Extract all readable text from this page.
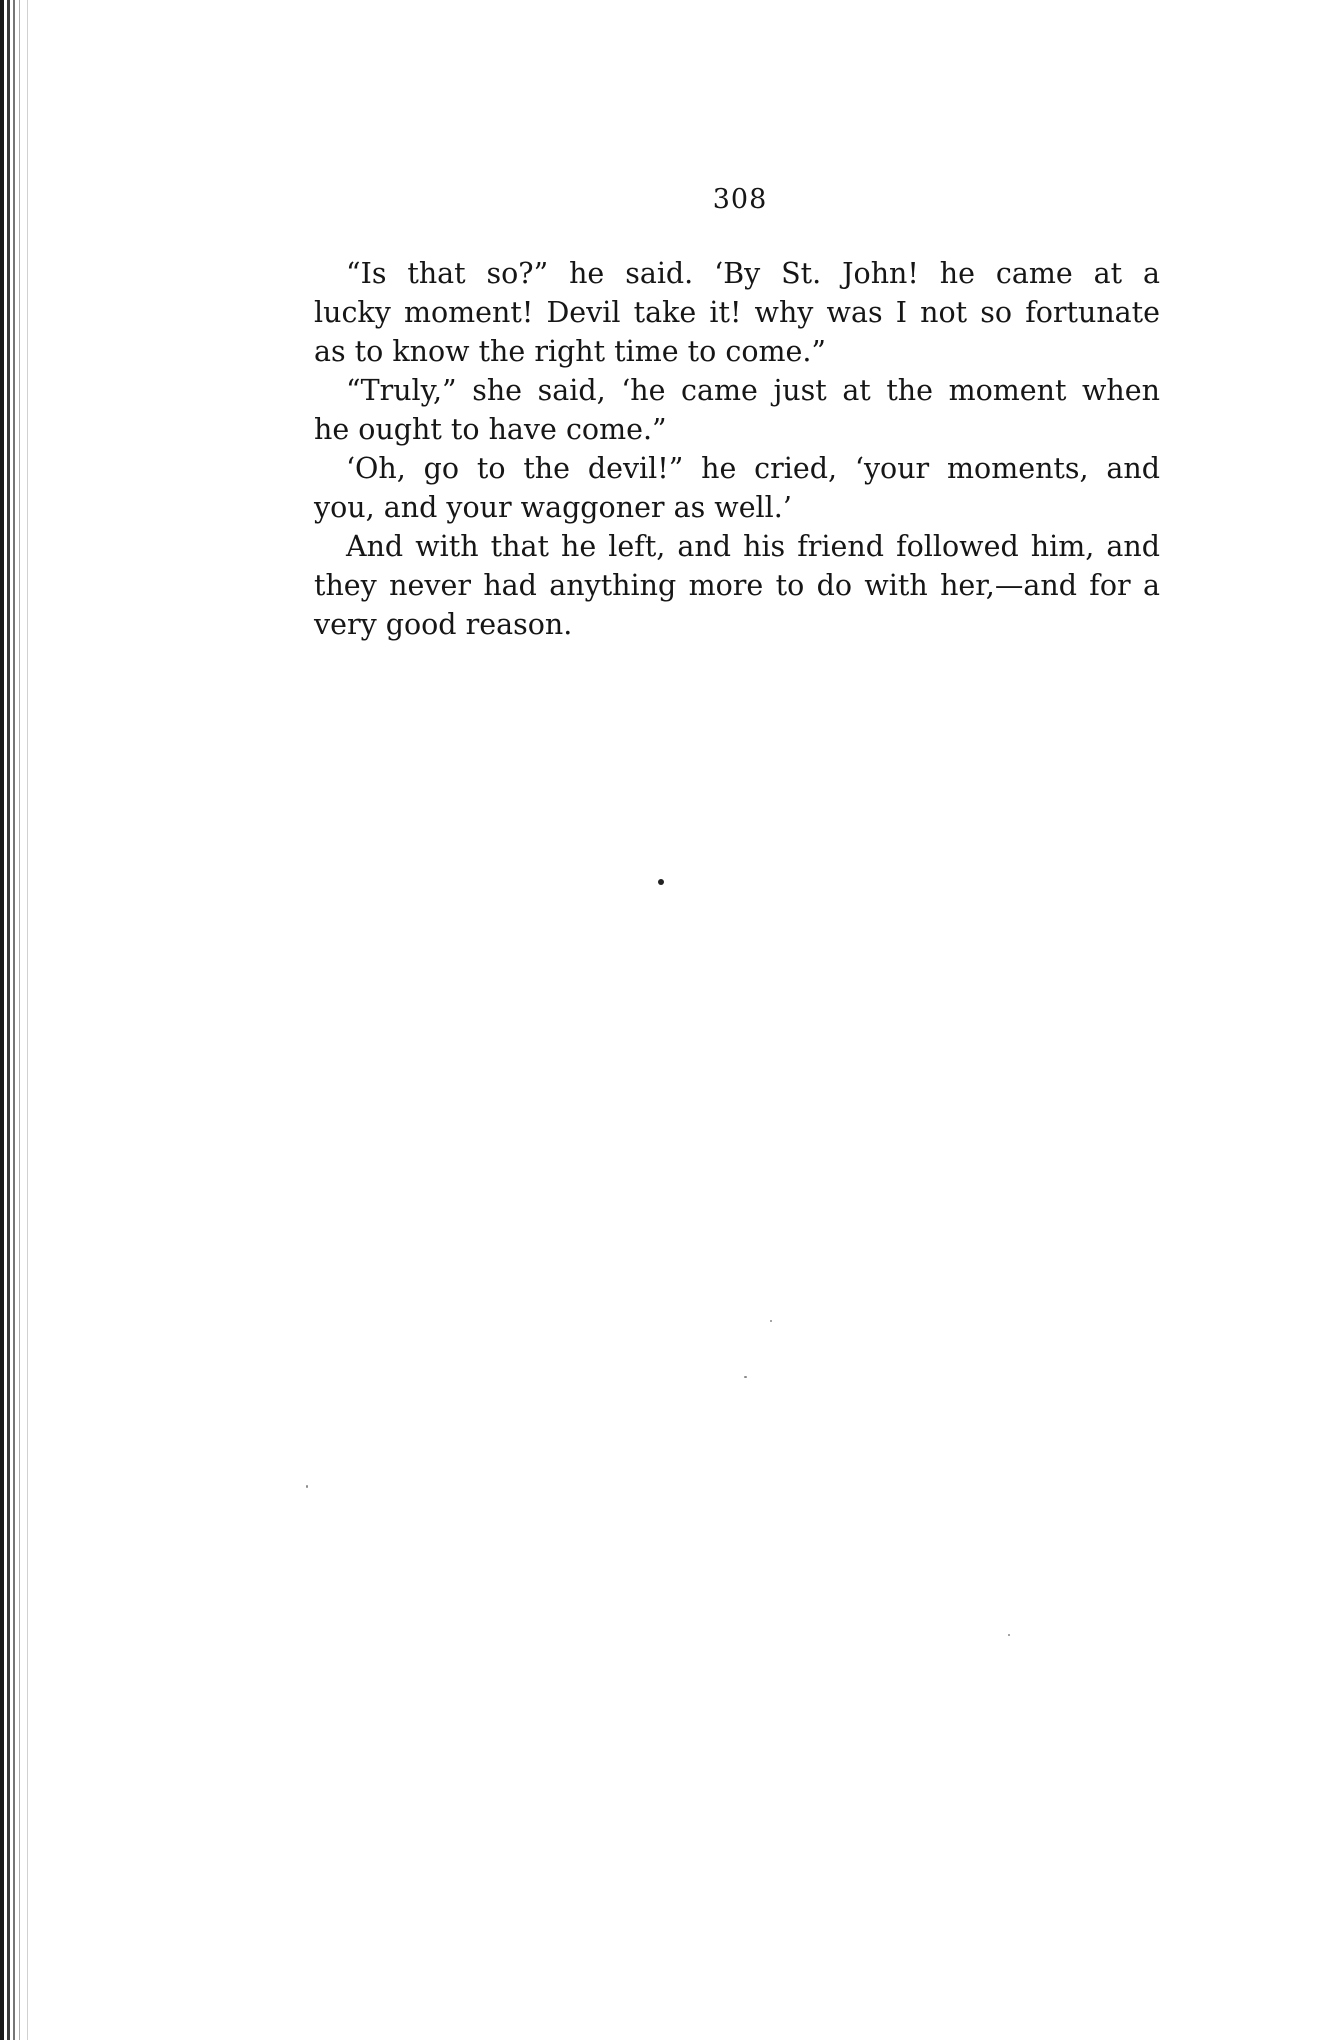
308
“Is that so?” he said. ‘By St. John! he came at a
lucky moment! Devil take it! why was I not so fortunate
as to know the right time to come.”
“Truly,” she said, ‘he came just at the moment when
he ought to have come.”
‘Oh, go to the devil!” he cried, ‘your moments, and
you, and your waggoner as well.’
And with that he left, and his friend followed him, and
they never had anything more to do with her,—and for a
very good reason.
